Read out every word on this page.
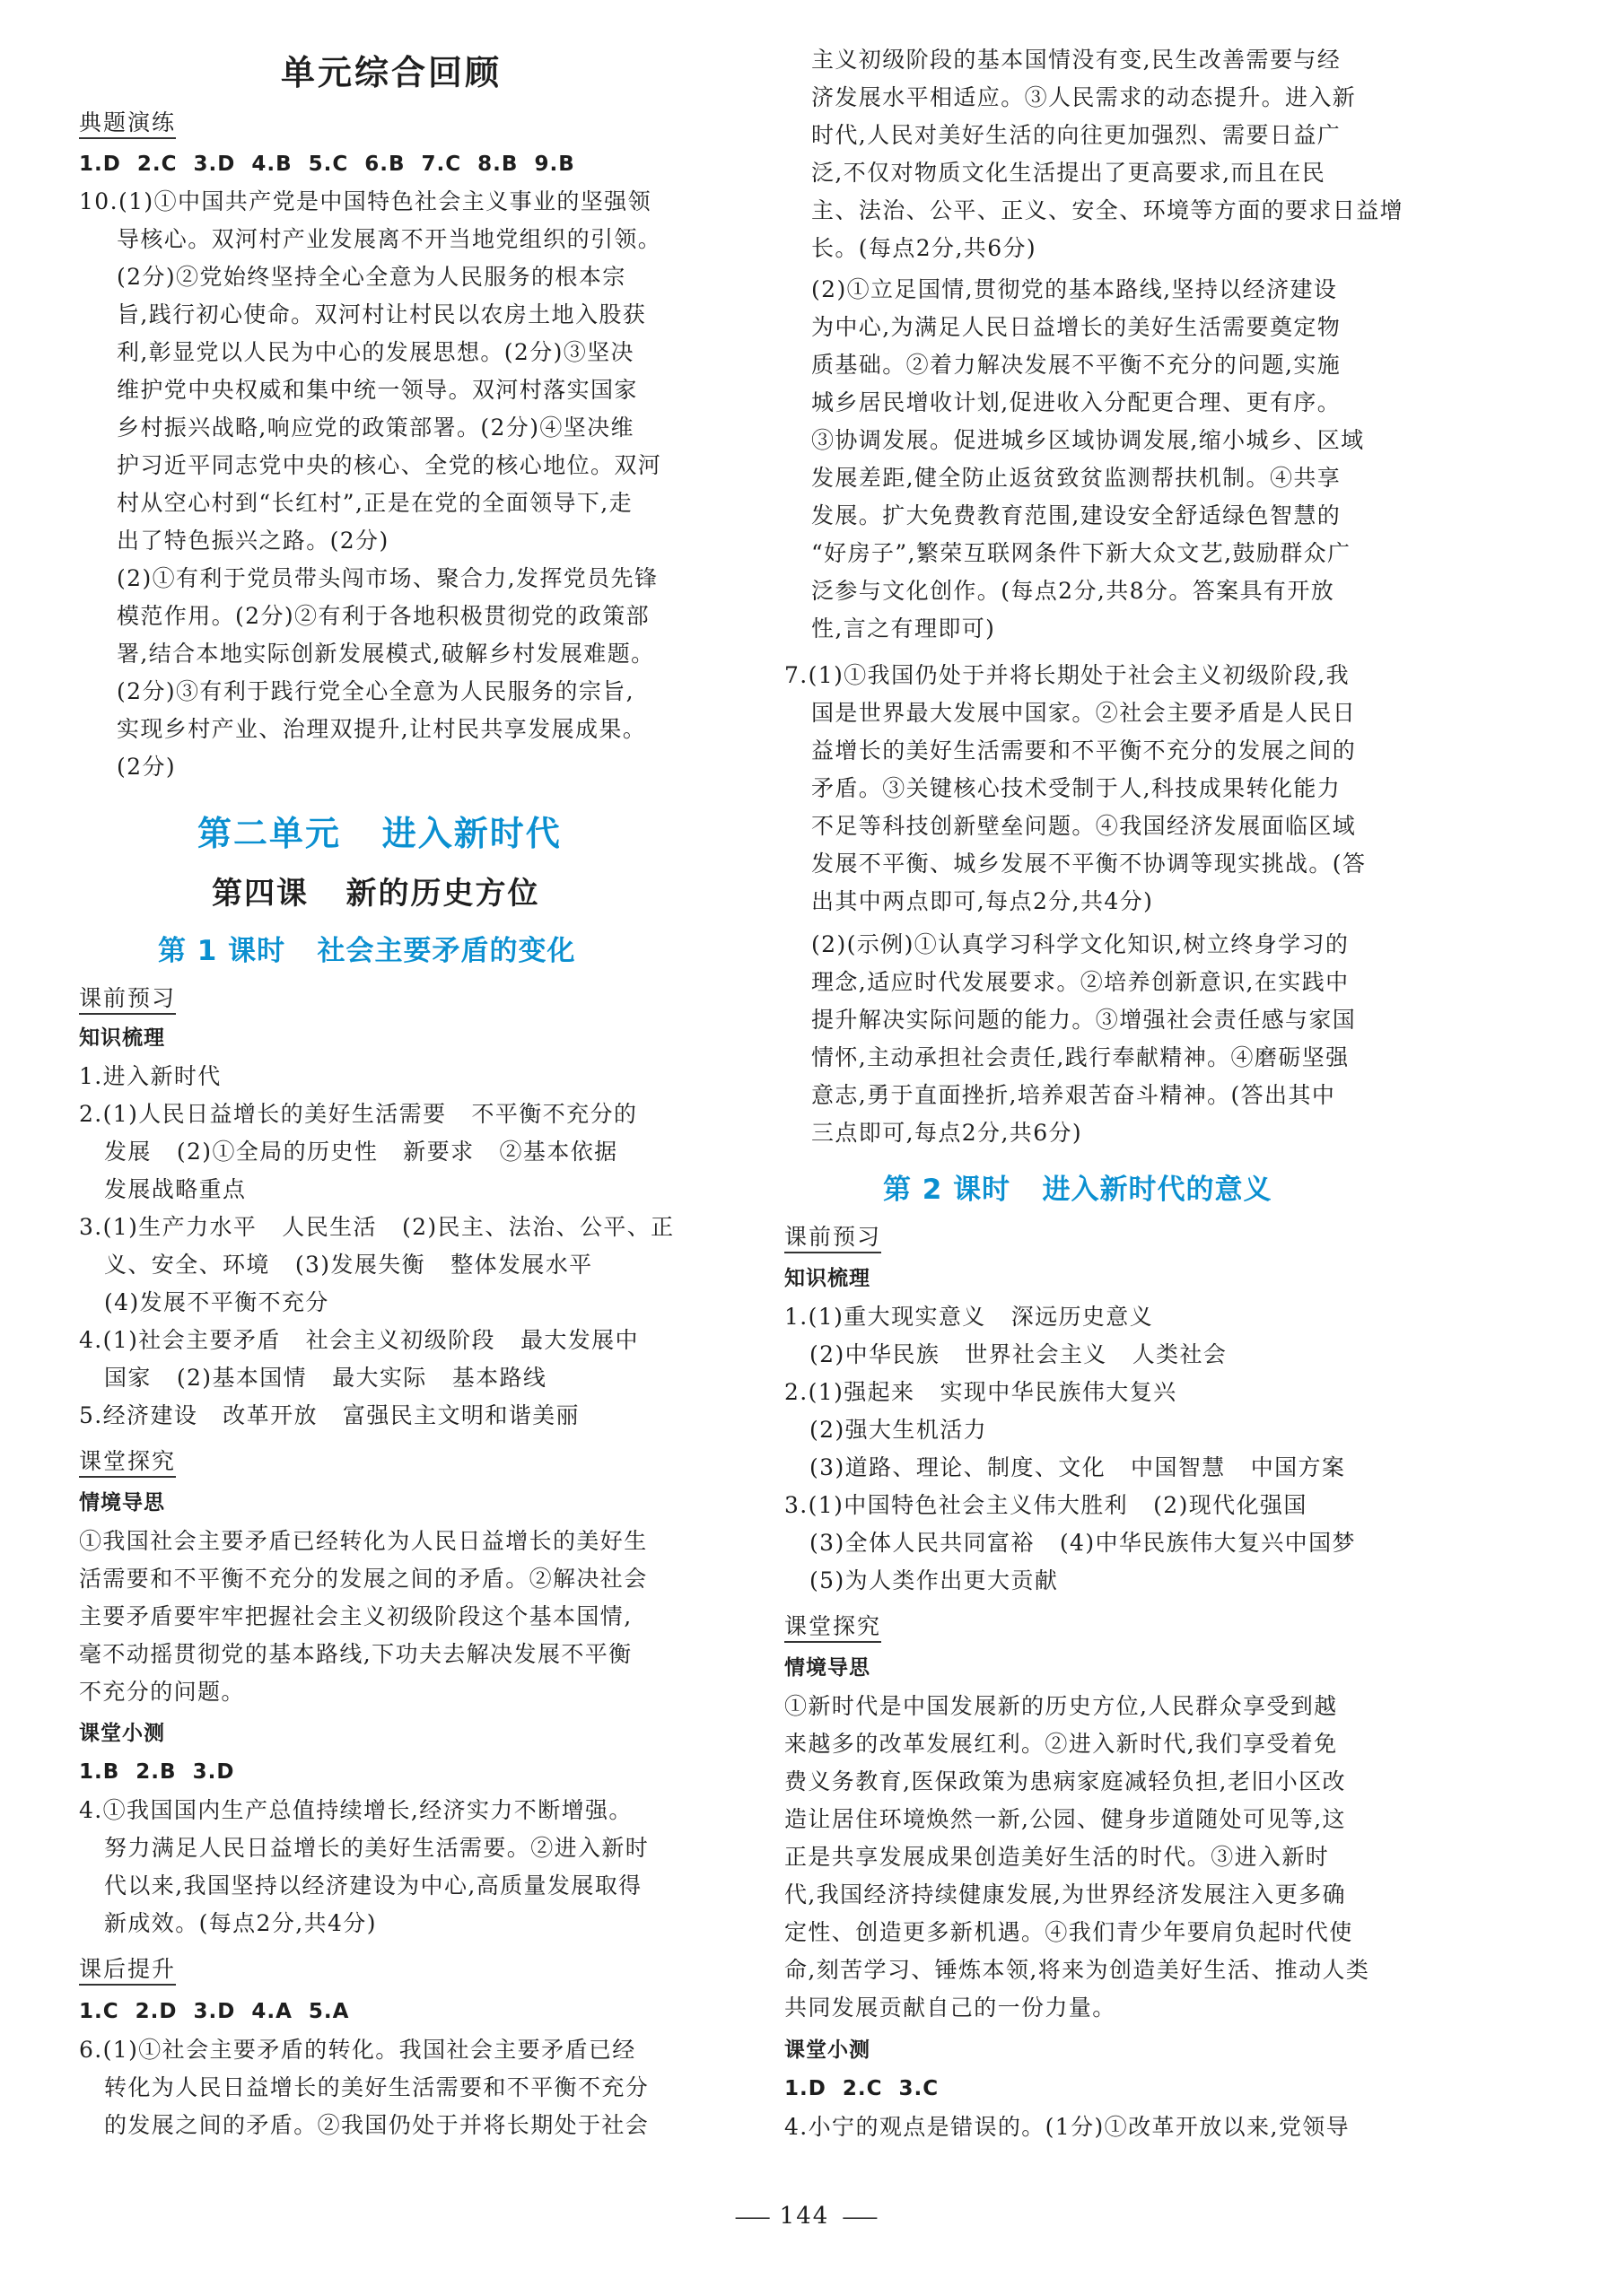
单元综合回顾
典题演练
1.D  2.C  3.D  4.B  5.C  6.B  7.C  8.B  9.B
10.(1)①中国共产党是中国特色社会主义事业的坚强领
导核心。双河村产业发展离不开当地党组织的引领。
(2分)②党始终坚持全心全意为人民服务的根本宗
旨,践行初心使命。双河村让村民以农房土地入股获
利,彰显党以人民为中心的发展思想。(2分)③坚决
维护党中央权威和集中统一领导。双河村落实国家
乡村振兴战略,响应党的政策部署。(2分)④坚决维
护习近平同志党中央的核心、全党的核心地位。双河
村从空心村到“长红村”,正是在党的全面领导下,走
出了特色振兴之路。(2分)
(2)①有利于党员带头闯市场、聚合力,发挥党员先锋
模范作用。(2分)②有利于各地积极贯彻党的政策部
署,结合本地实际创新发展模式,破解乡村发展难题。
(2分)③有利于践行党全心全意为人民服务的宗旨,
实现乡村产业、治理双提升,让村民共享发展成果。
(2分)
第二单元   进入新时代
第四课   新的历史方位
第 1 课时   社会主要矛盾的变化
课前预习
知识梳理
1.进入新时代
2.(1)人民日益增长的美好生活需要   不平衡不充分的
发展   (2)①全局的历史性   新要求   ②基本依据
发展战略重点
3.(1)生产力水平   人民生活   (2)民主、法治、公平、正
义、安全、环境   (3)发展失衡   整体发展水平
(4)发展不平衡不充分
4.(1)社会主要矛盾   社会主义初级阶段   最大发展中
国家   (2)基本国情   最大实际   基本路线
5.经济建设   改革开放   富强民主文明和谐美丽
课堂探究
情境导思
①我国社会主要矛盾已经转化为人民日益增长的美好生
活需要和不平衡不充分的发展之间的矛盾。②解决社会
主要矛盾要牢牢把握社会主义初级阶段这个基本国情,
毫不动摇贯彻党的基本路线,下功夫去解决发展不平衡
不充分的问题。
课堂小测
1.B  2.B  3.D
4.①我国国内生产总值持续增长,经济实力不断增强。
努力满足人民日益增长的美好生活需要。②进入新时
代以来,我国坚持以经济建设为中心,高质量发展取得
新成效。(每点2分,共4分)
课后提升
1.C  2.D  3.D  4.A  5.A
6.(1)①社会主要矛盾的转化。我国社会主要矛盾已经
转化为人民日益增长的美好生活需要和不平衡不充分
的发展之间的矛盾。②我国仍处于并将长期处于社会
主义初级阶段的基本国情没有变,民生改善需要与经
济发展水平相适应。③人民需求的动态提升。进入新
时代,人民对美好生活的向往更加强烈、需要日益广
泛,不仅对物质文化生活提出了更高要求,而且在民
主、法治、公平、正义、安全、环境等方面的要求日益增
长。(每点2分,共6分)
(2)①立足国情,贯彻党的基本路线,坚持以经济建设
为中心,为满足人民日益增长的美好生活需要奠定物
质基础。②着力解决发展不平衡不充分的问题,实施
城乡居民增收计划,促进收入分配更合理、更有序。
③协调发展。促进城乡区域协调发展,缩小城乡、区域
发展差距,健全防止返贫致贫监测帮扶机制。④共享
发展。扩大免费教育范围,建设安全舒适绿色智慧的
“好房子”,繁荣互联网条件下新大众文艺,鼓励群众广
泛参与文化创作。(每点2分,共8分。答案具有开放
性,言之有理即可)
7.(1)①我国仍处于并将长期处于社会主义初级阶段,我
国是世界最大发展中国家。②社会主要矛盾是人民日
益增长的美好生活需要和不平衡不充分的发展之间的
矛盾。③关键核心技术受制于人,科技成果转化能力
不足等科技创新壁垒问题。④我国经济发展面临区域
发展不平衡、城乡发展不平衡不协调等现实挑战。(答
出其中两点即可,每点2分,共4分)
(2)(示例)①认真学习科学文化知识,树立终身学习的
理念,适应时代发展要求。②培养创新意识,在实践中
提升解决实际问题的能力。③增强社会责任感与家国
情怀,主动承担社会责任,践行奉献精神。④磨砺坚强
意志,勇于直面挫折,培养艰苦奋斗精神。(答出其中
三点即可,每点2分,共6分)
第 2 课时   进入新时代的意义
课前预习
知识梳理
1.(1)重大现实意义   深远历史意义
(2)中华民族   世界社会主义   人类社会
2.(1)强起来   实现中华民族伟大复兴
(2)强大生机活力
(3)道路、理论、制度、文化   中国智慧   中国方案
3.(1)中国特色社会主义伟大胜利   (2)现代化强国
(3)全体人民共同富裕   (4)中华民族伟大复兴中国梦
(5)为人类作出更大贡献
课堂探究
情境导思
①新时代是中国发展新的历史方位,人民群众享受到越
来越多的改革发展红利。②进入新时代,我们享受着免
费义务教育,医保政策为患病家庭减轻负担,老旧小区改
造让居住环境焕然一新,公园、健身步道随处可见等,这
正是共享发展成果创造美好生活的时代。③进入新时
代,我国经济持续健康发展,为世界经济发展注入更多确
定性、创造更多新机遇。④我们青少年要肩负起时代使
命,刻苦学习、锤炼本领,将来为创造美好生活、推动人类
共同发展贡献自己的一份力量。
课堂小测
1.D  2.C  3.C
4.小宁的观点是错误的。(1分)①改革开放以来,党领导
—— 144 ——
